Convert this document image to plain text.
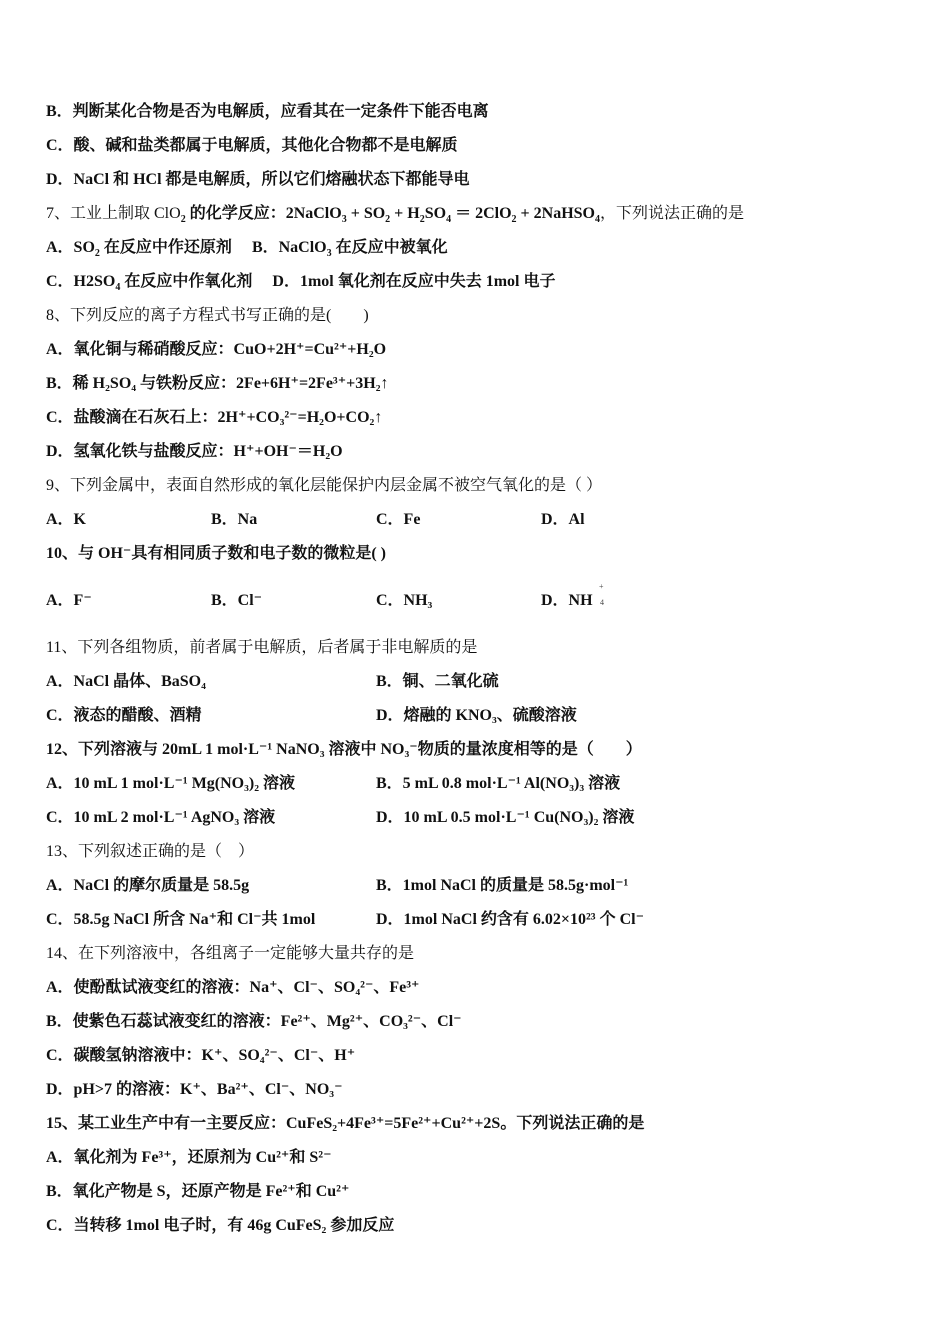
B．判断某化合物是否为电解质，应看其在一定条件下能否电离
C．酸、碱和盐类都属于电解质，其他化合物都不是电解质
D．NaCl 和 HCl 都是电解质，所以它们熔融状态下都能导电
7、工业上制取 ClO$_2$ 的化学反应：2NaClO$_3$ + $SO_2 + H_2SO_4 = 2ClO_2$ + 2NaHSO$_4$，下列说法正确的是
A．$SO_2$ 在反应中作还原剂　 B．NaClO$_3$ 在反应中被氧化
C．$H2SO_4$ 在反应中作氧化剂　 D．1mol 氧化剂在反应中失去 1mol 电子
8、下列反应的离子方程式书写正确的是(　　)
A．氧化铜与稀硝酸反应：CuO+2H⁺=Cu²⁺+H₂O
B．稀 H₂SO₄ 与铁粉反应：2Fe+6H⁺=2Fe³⁺+3H₂↑
C．盐酸滴在石灰石上：2H⁺+CO₃²⁻=H₂O+CO₂↑
D．氢氧化铁与盐酸反应：H⁺+OH⁻＝H₂O
9、下列金属中，表面自然形成的氧化层能保护内层金属不被空气氧化的是（ ）
A．K	B．Na	C．Fe	D．Al
10、与 OH⁻具有相同质子数和电子数的微粒是( )
A．F⁻	B．Cl⁻	C．NH₃	D．NH
+
4
11、下列各组物质，前者属于电解质，后者属于非电解质的是
A．NaCl 晶体、BaSO₄	B．铜、二氧化硫
C．液态的醋酸、酒精	D．熔融的 KNO₃、硫酸溶液
12、下列溶液与 20mL 1 mol·L⁻¹ NaNO₃ 溶液中 NO₃⁻物质的量浓度相等的是（　　）
A．10 mL 1 mol·L⁻¹ Mg(NO₃)₂ 溶液	B．5 mL 0.8 mol·L⁻¹ Al(NO₃)₃ 溶液
C．10 mL 2 mol·L⁻¹ AgNO₃ 溶液	D．10 mL 0.5 mol·L⁻¹ Cu(NO₃)₂ 溶液
13、下列叙述正确的是（　）
A．NaCl 的摩尔质量是 58.5g	B．1mol NaCl 的质量是 58.5g·mol⁻¹
C．58.5g NaCl 所含 Na⁺和 Cl⁻共 1mol	D．1mol NaCl 约含有 6.02×10²³ 个 Cl⁻
14、在下列溶液中，各组离子一定能够大量共存的是
A．使酚酞试液变红的溶液：Na⁺、Cl⁻、SO₄²⁻、Fe³⁺
B．使紫色石蕊试液变红的溶液：Fe²⁺、Mg²⁺、CO₃²⁻、Cl⁻
C．碳酸氢钠溶液中：K⁺、SO₄²⁻、Cl⁻、H⁺
D．pH>7 的溶液：K⁺、Ba²⁺、Cl⁻、NO₃⁻
15、某工业生产中有一主要反应：CuFeS₂+4Fe³⁺=5Fe²⁺+Cu²⁺+2S。下列说法正确的是
A．氧化剂为 Fe³⁺，还原剂为 Cu²⁺和 S²⁻
B．氧化产物是 S，还原产物是 Fe²⁺和 Cu²⁺
C．当转移 1mol 电子时，有 46g CuFeS₂ 参加反应
